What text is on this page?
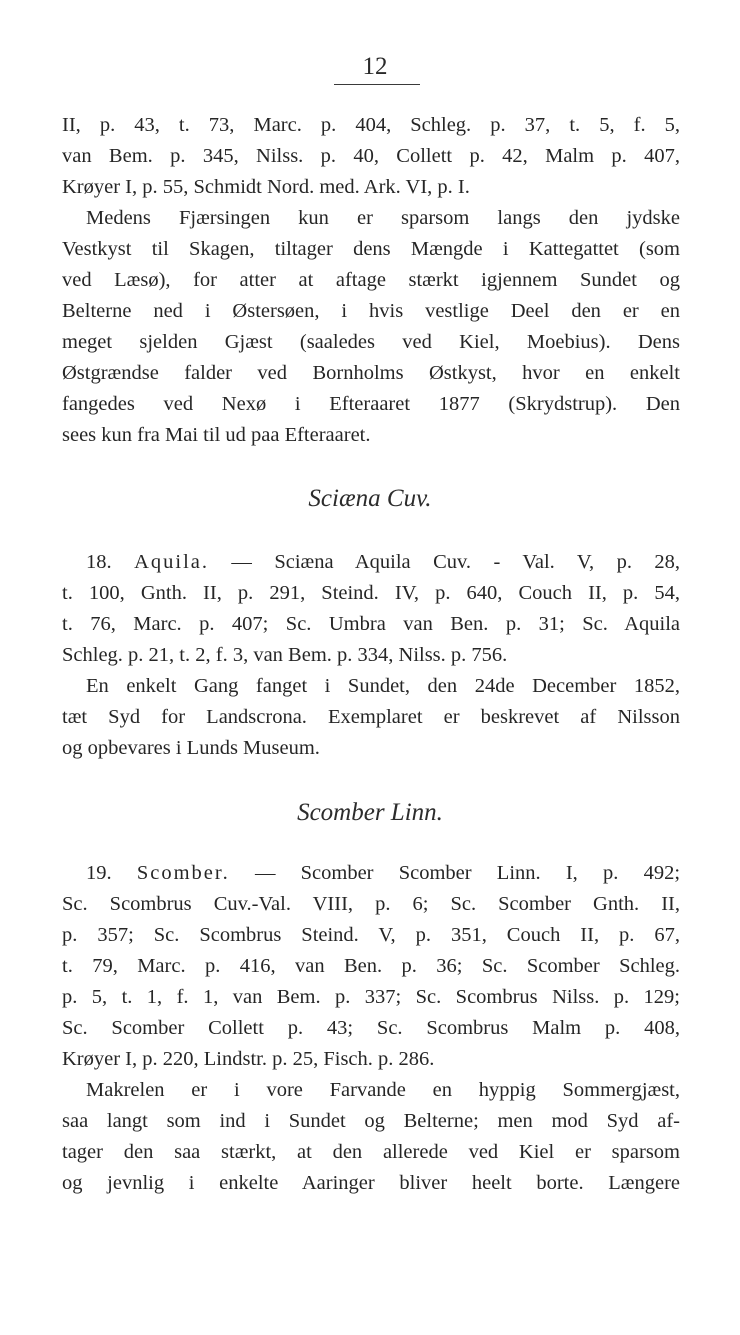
12
II, p. 43, t. 73, Marc. p. 404, Schleg. p. 37, t. 5, f. 5,
van Bem. p. 345, Nilss. p. 40, Collett p. 42, Malm p. 407,
Krøyer I, p. 55, Schmidt Nord. med. Ark. VI, p. I.
Medens Fjærsingen kun er sparsom langs den jydske
Vestkyst til Skagen, tiltager dens Mængde i Kattegattet (som
ved Læsø), for atter at aftage stærkt igjennem Sundet og
Belterne ned i Østersøen, i hvis vestlige Deel den er en
meget sjelden Gjæst (saaledes ved Kiel, Moebius). Dens
Østgrændse falder ved Bornholms Østkyst, hvor en enkelt
fangedes ved Nexø i Efteraaret 1877 (Skrydstrup). Den
sees kun fra Mai til ud paa Efteraaret.
Sciæna Cuv.
18. Aquila. — Sciæna Aquila Cuv. - Val. V, p. 28,
t. 100, Gnth. II, p. 291, Steind. IV, p. 640, Couch II, p. 54,
t. 76, Marc. p. 407; Sc. Umbra van Ben. p. 31; Sc. Aquila
Schleg. p. 21, t. 2, f. 3, van Bem. p. 334, Nilss. p. 756.
En enkelt Gang fanget i Sundet, den 24de December 1852,
tæt Syd for Landscrona. Exemplaret er beskrevet af Nilsson
og opbevares i Lunds Museum.
Scomber Linn.
19. Scomber. — Scomber Scomber Linn. I, p. 492;
Sc. Scombrus Cuv.-Val. VIII, p. 6; Sc. Scomber Gnth. II,
p. 357; Sc. Scombrus Steind. V, p. 351, Couch II, p. 67,
t. 79, Marc. p. 416, van Ben. p. 36; Sc. Scomber Schleg.
p. 5, t. 1, f. 1, van Bem. p. 337; Sc. Scombrus Nilss. p. 129;
Sc. Scomber Collett p. 43; Sc. Scombrus Malm p. 408,
Krøyer I, p. 220, Lindstr. p. 25, Fisch. p. 286.
Makrelen er i vore Farvande en hyppig Sommergjæst,
saa langt som ind i Sundet og Belterne; men mod Syd af-
tager den saa stærkt, at den allerede ved Kiel er sparsom
og jevnlig i enkelte Aaringer bliver heelt borte. Længere
